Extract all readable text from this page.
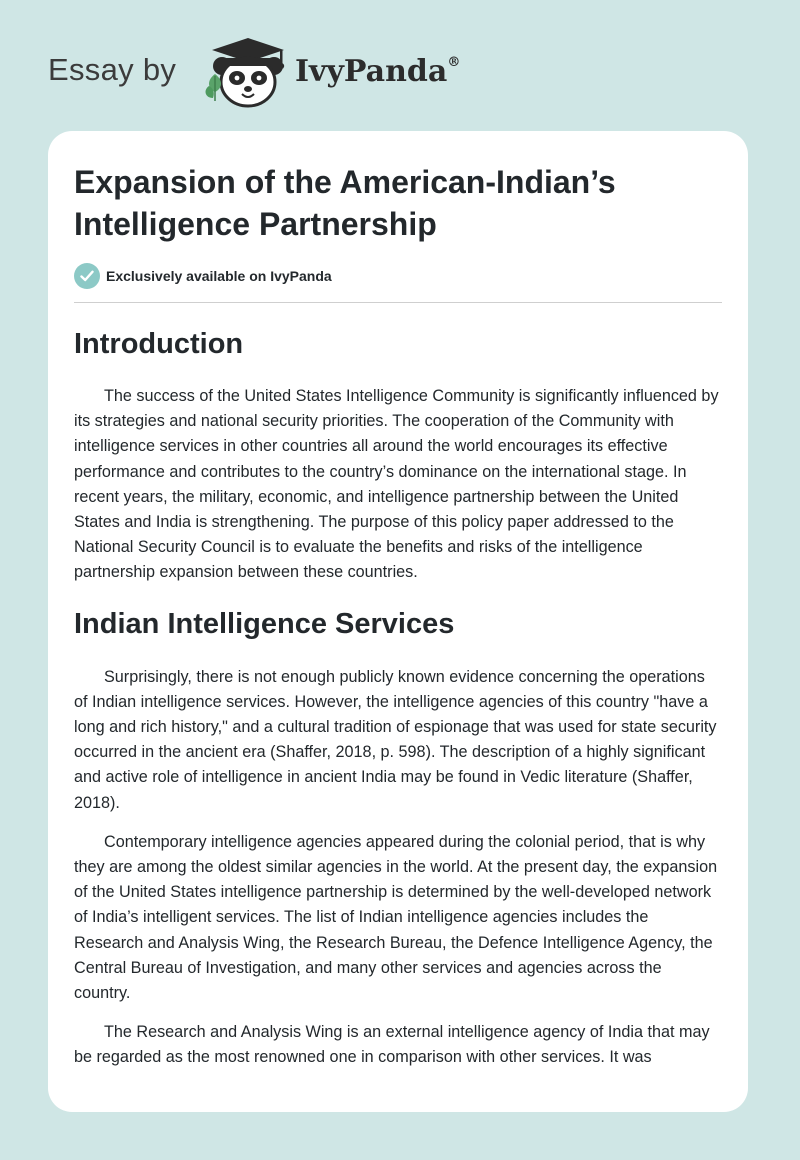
Essay by	IvyPanda®
Expansion of the American-Indian’s Intelligence Partnership
Exclusively available on IvyPanda
Introduction

The success of the United States Intelligence Community is significantly influenced by its strategies and national security priorities. The cooperation of the Community with intelligence services in other countries all around the world encourages its effective performance and contributes to the country’s dominance on the international stage. In recent years, the military, economic, and intelligence partnership between the United States and India is strengthening. The purpose of this policy paper addressed to the National Security Council is to evaluate the benefits and risks of the intelligence partnership expansion between these countries.

Indian Intelligence Services

Surprisingly, there is not enough publicly known evidence concerning the operations of Indian intelligence services. However, the intelligence agencies of this country "have a long and rich history," and a cultural tradition of espionage that was used for state security occurred in the ancient era (Shaffer, 2018, p. 598). The description of a highly significant and active role of intelligence in ancient India may be found in Vedic literature (Shaffer, 2018).

Contemporary intelligence agencies appeared during the colonial period, that is why they are among the oldest similar agencies in the world. At the present day, the expansion of the United States intelligence partnership is determined by the well-developed network of India’s intelligent services. The list of Indian intelligence agencies includes the Research and Analysis Wing, the Research Bureau, the Defence Intelligence Agency, the Central Bureau of Investigation, and many other services and agencies across the country.

The Research and Analysis Wing is an external intelligence agency of India that may be regarded as the most renowned one in comparison with other services. It was
